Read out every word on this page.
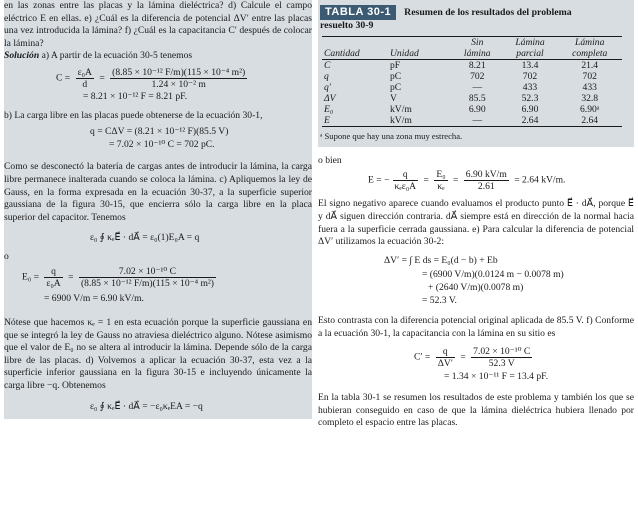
en las zonas entre las placas y la lámina dieléctrica? d) Calcule el campo eléctrico E en ellas. e) ¿Cuál es la diferencia de potencial ΔV′ entre las placas una vez introducida la lámina? f) ¿Cuál es la capacitancia C′ después de colocar la lámina?

Solución a) A partir de la ecuación 30-5 tenemos

$C = \frac{\text{ε₀A}}{d} = \frac{\text{(8.85 × 10⁻¹² F/m)(115 × 10⁻⁴ m²)}}{\text{1.24 × 10⁻² m}}$
= 8.21 × 10⁻¹² F = 8.21 pF.

b) La carga libre en las placas puede obtenerse de la ecuación 30-1,

q = CΔV = (8.21 × 10⁻¹² F)(85.5 V)
= 7.02 × 10⁻¹⁰ C = 702 pC.

Como se desconectó la batería de cargas antes de introducir la lámina, la carga libre permanece inalterada cuando se coloca la lámina. c) Apliquemos la ley de Gauss, en la forma expresada en la ecuación 30-37, a la superficie superior gaussiana de la figura 30-15, que encierra sólo la carga libre en la placa superior del capacitor. Tenemos

ε₀ ∮ κₑE⃗ · dA⃗ = ε₀(1)E₀A = q

o

$E_0 = \frac{q}{\text{ε₀A}} = \frac{\text{7.02 × 10⁻¹⁰ C}}{\text{(8.85 × 10⁻¹² F/m)(115 × 10⁻⁴ m²)}}$
= 6900 V/m = 6.90 kV/m.

Nótese que hacemos κₑ = 1 en esta ecuación porque la superficie gaussiana en que se integró la ley de Gauss no atraviesa dieléctrico alguno. Nótese asimismo que el valor de E₀ no se altera al introducir la lámina. Depende sólo de la carga libre de las placas. d) Volvemos a aplicar la ecuación 30-37, esta vez a la superficie inferior gaussiana en la figura 30-15 e incluyendo únicamente la carga libre −q. Obtenemos

ε₀ ∮ κₑE⃗ · dA⃗ = −ε₀κₑEA = −q
TABLA 30-1	Resumen de los resultados del problema
resuelto 30-9
		Sin	Lámina	Lámina
Cantidad	Unidad	lámina	parcial	completa
C	pF	8.21	13.4	21.4
q	pC	702	702	702
q′	pC	—	433	433
ΔV	V	85.5	52.3	32.8
E₀	kV/m	6.90	6.90	6.90ᵃ
E	kV/m	—	2.64	2.64
ᵃ Supone que hay una zona muy estrecha.

o bien

E = − $\frac{q}{\text{κₑε₀A}} = \frac{\text{E₀}}{\text{κₑ}} = \frac{6.90 kV/m}{2.61} = 2.64$ kV/m.

El signo negativo aparece cuando evaluamos el producto punto E⃗ · dA⃗, porque E⃗ y dA⃗ siguen dirección contraria. dA⃗ siempre está en dirección de la normal hacia fuera a la superficie cerrada gaussiana. e) Para calcular la diferencia de potencial ΔV′ utilizamos la ecuación 30-2:

ΔV′ = ∫ E ds = E₀(d − b) + Eb
= (6900 V/m)(0.0124 m − 0.0078 m)
+ (2640 V/m)(0.0078 m)
= 52.3 V.

Esto contrasta con la diferencia potencial original aplicada de 85.5 V. f) Conforme a la ecuación 30-1, la capacitancia con la lámina en su sitio es

$C' = \frac{q}{\Delta V'} = \frac{\text{7.02 × 10⁻¹⁰ C}}{52.3 V}$
= 1.34 × 10⁻¹¹ F = 13.4 pF.

En la tabla 30-1 se resumen los resultados de este problema y también los que se hubieran conseguido en caso de que la lámina dieléctrica hubiera llenado por completo el espacio entre las placas.
